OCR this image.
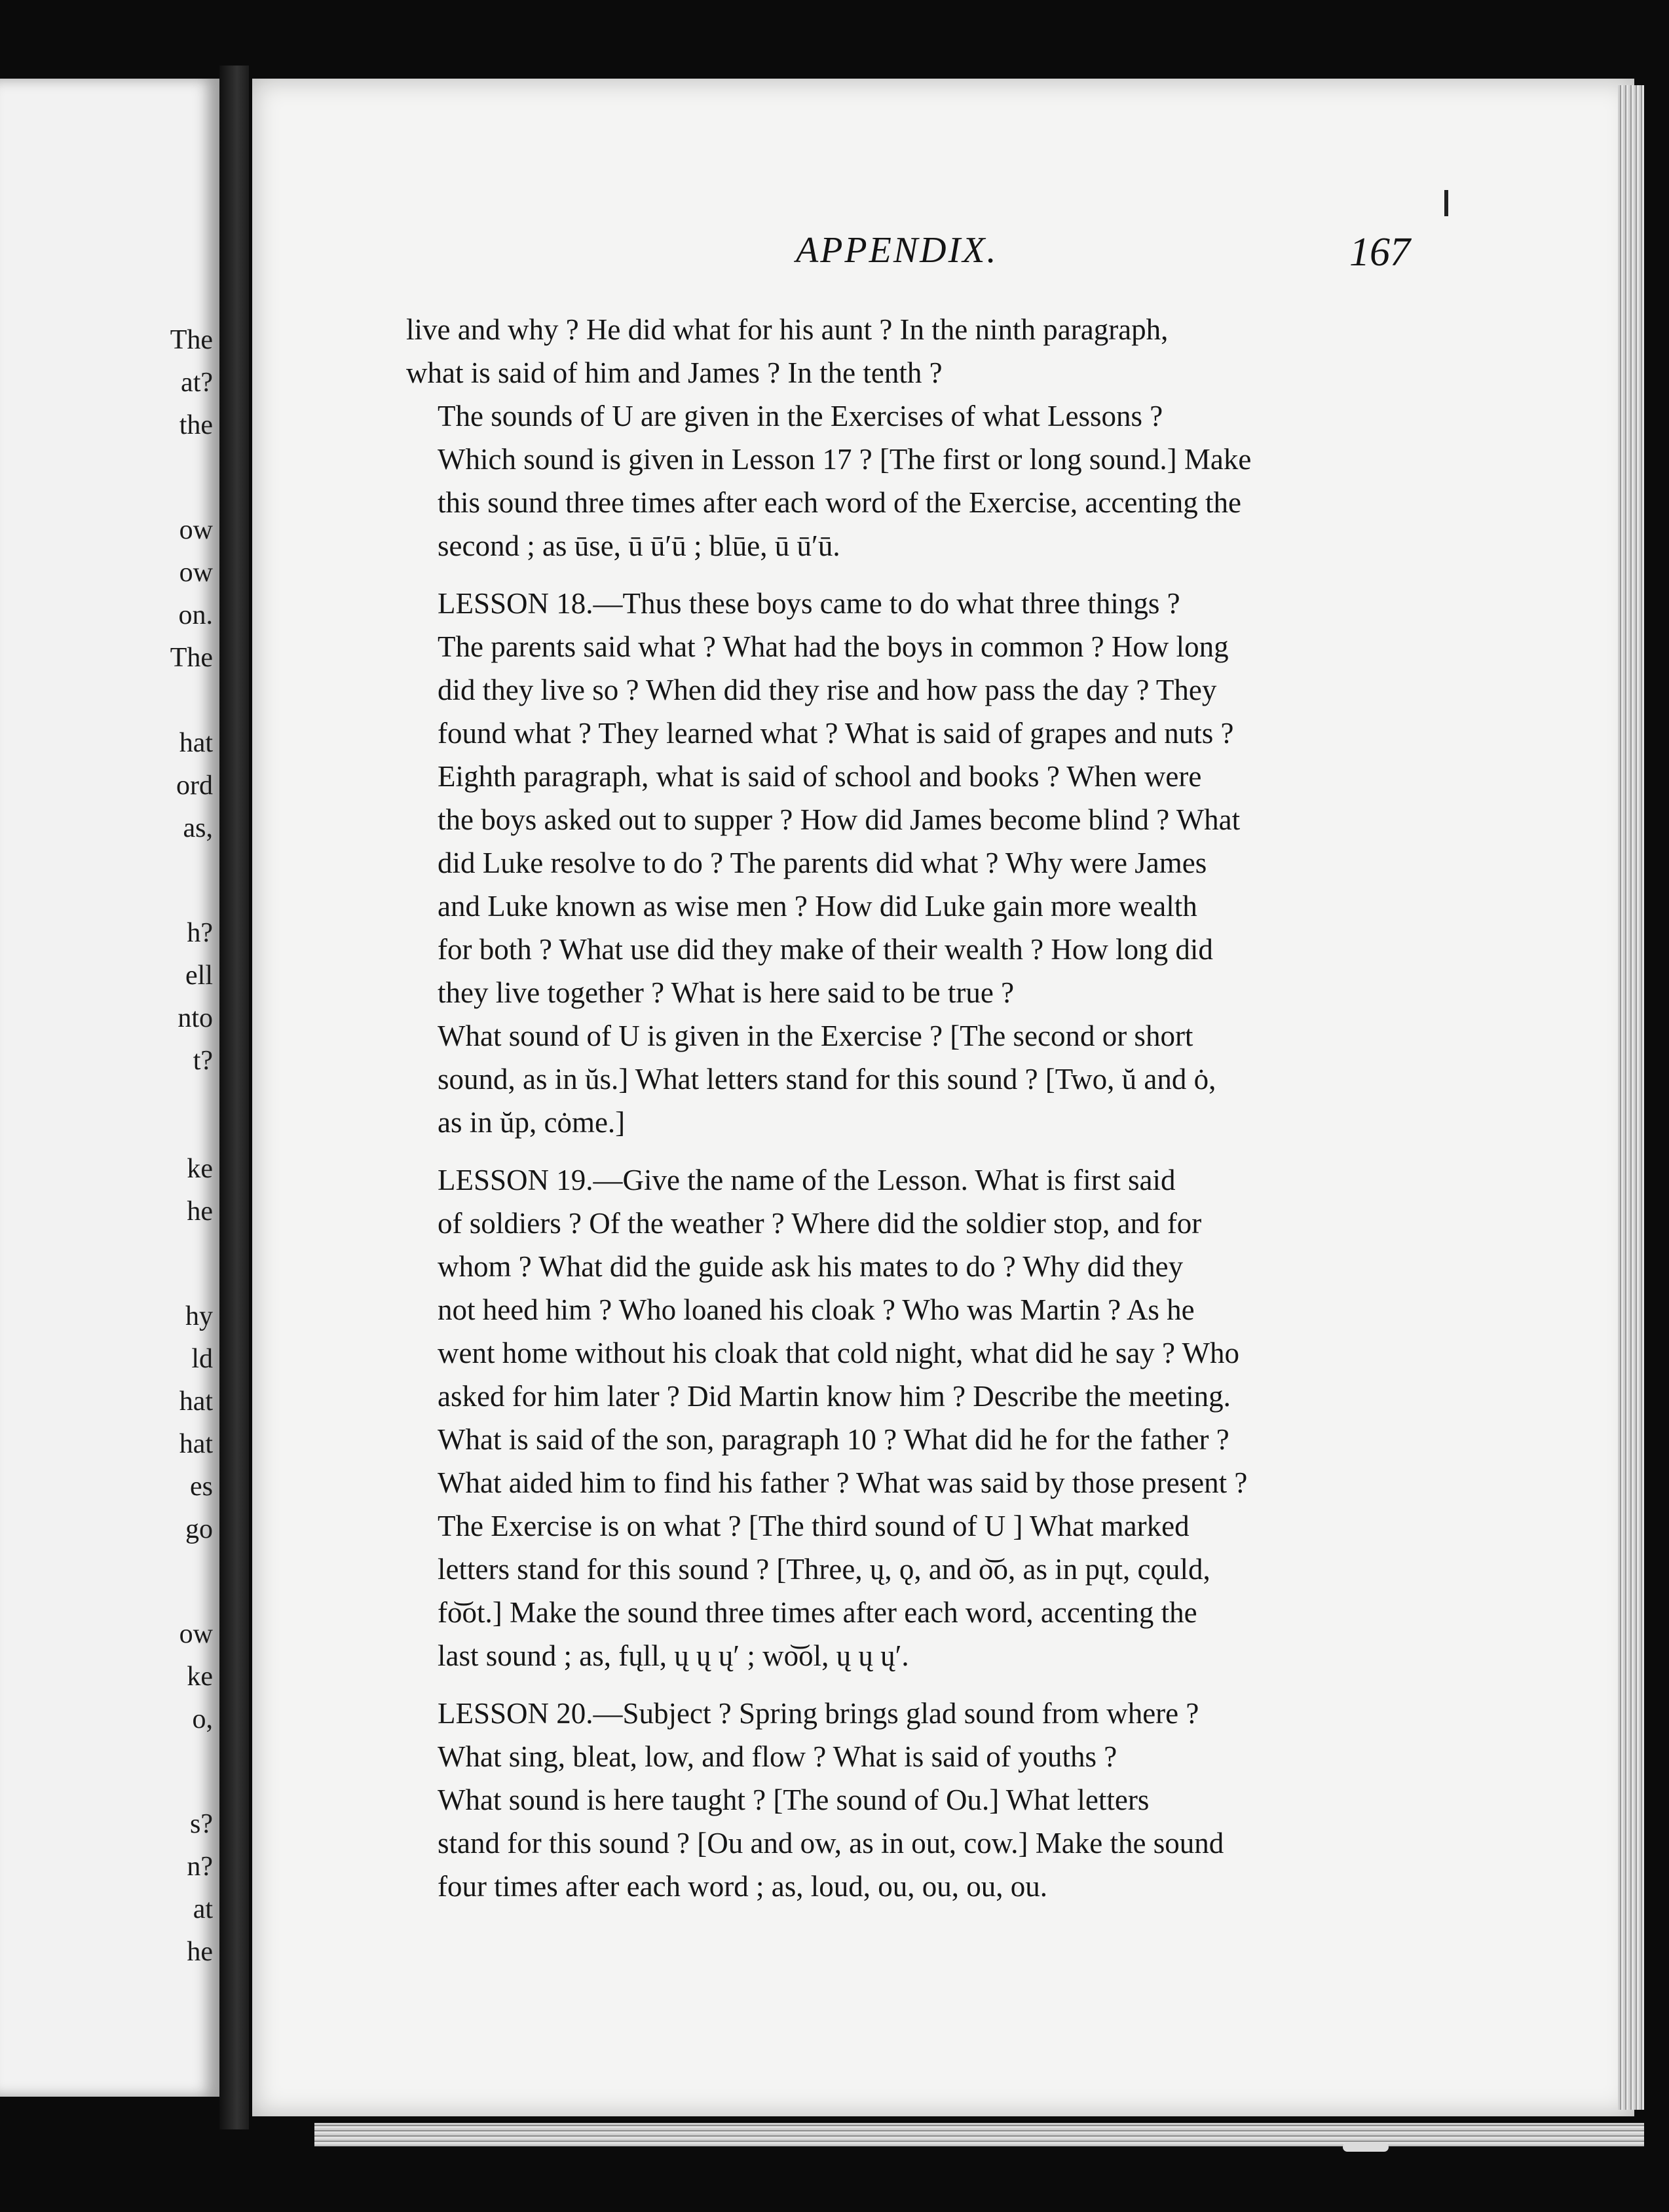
The
at?
the
ow
ow
on.
The
hat
ord
as,
h?
ell
nto
t?
ke
he
hy
ld
hat
hat
es
go
ow
ke
o,
s?
n?
at
he
APPENDIX.	167

live and why ? He did what for his aunt ? In the ninth paragraph,
what is said of him and James ? In the tenth ?

The sounds of U are given in the Exercises of what Lessons ?
Which sound is given in Lesson 17 ? [The first or long sound.] Make
this sound three times after each word of the Exercise, accenting the
second ; as ūse, ū ū′ū ; blūe, ū ū′ū.

LESSON 18.—Thus these boys came to do what three things ?
The parents said what ? What had the boys in common ? How long
did they live so ? When did they rise and how pass the day ? They
found what ? They learned what ? What is said of grapes and nuts ?
Eighth paragraph, what is said of school and books ? When were
the boys asked out to supper ? How did James become blind ? What
did Luke resolve to do ? The parents did what ? Why were James
and Luke known as wise men ? How did Luke gain more wealth
for both ? What use did they make of their wealth ? How long did
they live together ? What is here said to be true ?

What sound of U is given in the Exercise ? [The second or short
sound, as in ŭs.] What letters stand for this sound ? [Two, ŭ and ȯ,
as in ŭp, cȯme.]

LESSON 19.—Give the name of the Lesson. What is first said
of soldiers ? Of the weather ? Where did the soldier stop, and for
whom ? What did the guide ask his mates to do ? Why did they
not heed him ? Who loaned his cloak ? Who was Martin ? As he
went home without his cloak that cold night, what did he say ? Who
asked for him later ? Did Martin know him ? Describe the meeting.
What is said of the son, paragraph 10 ? What did he for the father ?
What aided him to find his father ? What was said by those present ?

The Exercise is on what ? [The third sound of U ] What marked
letters stand for this sound ? [Three, ų, ǫ, and o͝o, as in pųt, cǫuld,
fo͝ot.] Make the sound three times after each word, accenting the
last sound ; as, fųll, ų ų ų′ ; wo͝ol, ų ų ų′.

LESSON 20.—Subject ? Spring brings glad sound from where ?
What sing, bleat, low, and flow ? What is said of youths ?

What sound is here taught ? [The sound of Ou.] What letters
stand for this sound ? [Ou and ow, as in out, cow.] Make the sound
four times after each word ; as, loud, ou, ou, ou, ou.
